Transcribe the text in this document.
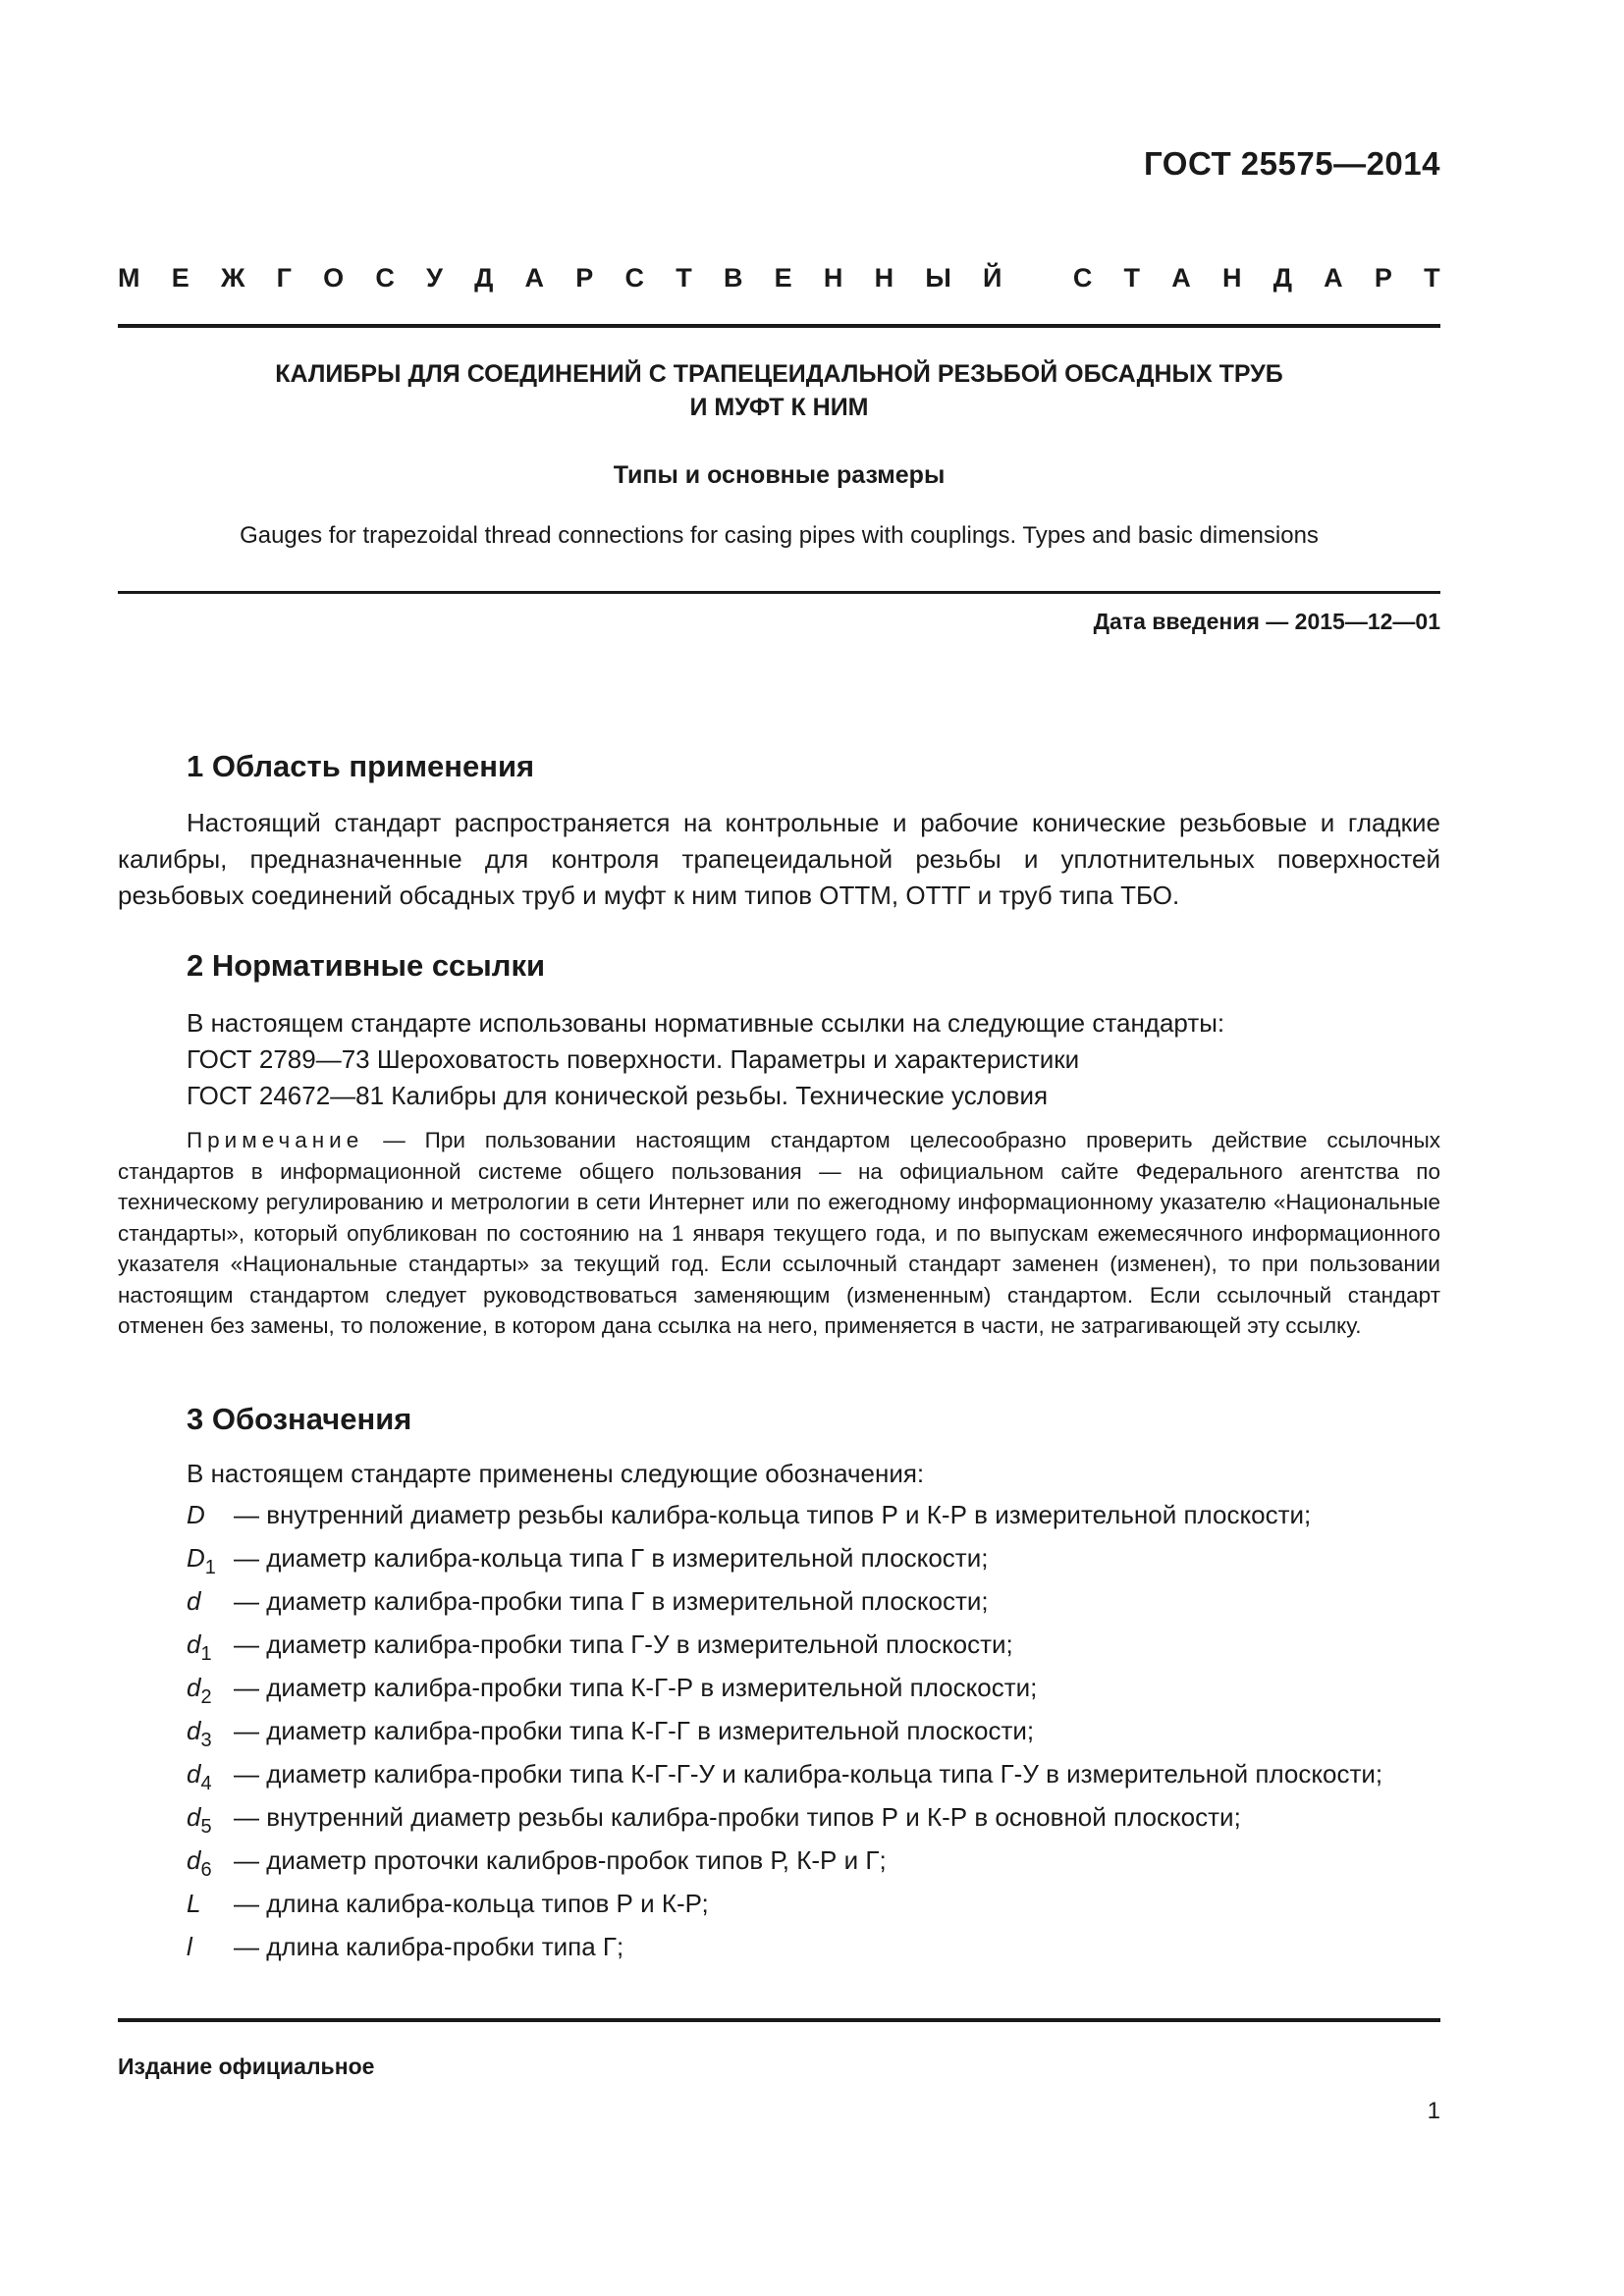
ГОСТ 25575—2014
М Е Ж Г О С У Д А Р С Т В Е Н Н Ы Й	С Т А Н Д А Р Т
КАЛИБРЫ ДЛЯ СОЕДИНЕНИЙ С ТРАПЕЦЕИДАЛЬНОЙ РЕЗЬБОЙ ОБСАДНЫХ ТРУБ
И МУФТ К НИМ
Типы и основные размеры
Gauges for trapezoidal thread connections for casing pipes with couplings. Types and basic dimensions
Дата введения — 2015—12—01
1 Область применения
Настоящий стандарт распространяется на контрольные и рабочие конические резьбовые и гладкие калибры, предназначенные для контроля трапецеидальной резьбы и уплотнительных поверхностей резьбовых соединений обсадных труб и муфт к ним типов ОТТМ, ОТТГ и труб типа ТБО.
2 Нормативные ссылки
В настоящем стандарте использованы нормативные ссылки на следующие стандарты:
ГОСТ 2789—73 Шероховатость поверхности. Параметры и характеристики
ГОСТ 24672—81 Калибры для конической резьбы. Технические условия
Примечание — При пользовании настоящим стандартом целесообразно проверить действие ссылочных стандартов в информационной системе общего пользования — на официальном сайте Федерального агентства по техническому регулированию и метрологии в сети Интернет или по ежегодному информационному указателю «Национальные стандарты», который опубликован по состоянию на 1 января текущего года, и по выпускам ежемесячного информационного указателя «Национальные стандарты» за текущий год. Если ссылочный стандарт заменен (изменен), то при пользовании настоящим стандартом следует руководствоваться заменяющим (измененным) стандартом. Если ссылочный стандарт отменен без замены, то положение, в котором дана ссылка на него, применяется в части, не затрагивающей эту ссылку.
3 Обозначения
В настоящем стандарте применены следующие обозначения:
D	— внутренний диаметр резьбы калибра-кольца типов Р и К-Р в измерительной плоскости;
$D_1$ — диаметр калибра-кольца типа Г в измерительной плоскости;
d	— диаметр калибра-пробки типа Г в измерительной плоскости;
$d_1$ — диаметр калибра-пробки типа Г-У в измерительной плоскости;
$d_2$ — диаметр калибра-пробки типа К-Г-Р в измерительной плоскости;
$d_3$ — диаметр калибра-пробки типа К-Г-Г в измерительной плоскости;
$d_4$ — диаметр калибра-пробки типа К-Г-Г-У и калибра-кольца типа Г-У в измерительной плоскости;
$d_5$ — внутренний диаметр резьбы калибра-пробки типов Р и К-Р в основной плоскости;
$d_6$ — диаметр проточки калибров-пробок типов Р, К-Р и Г;
L	— длина калибра-кольца типов Р и К-Р;
l	— длина калибра-пробки типа Г;
Издание официальное
1
